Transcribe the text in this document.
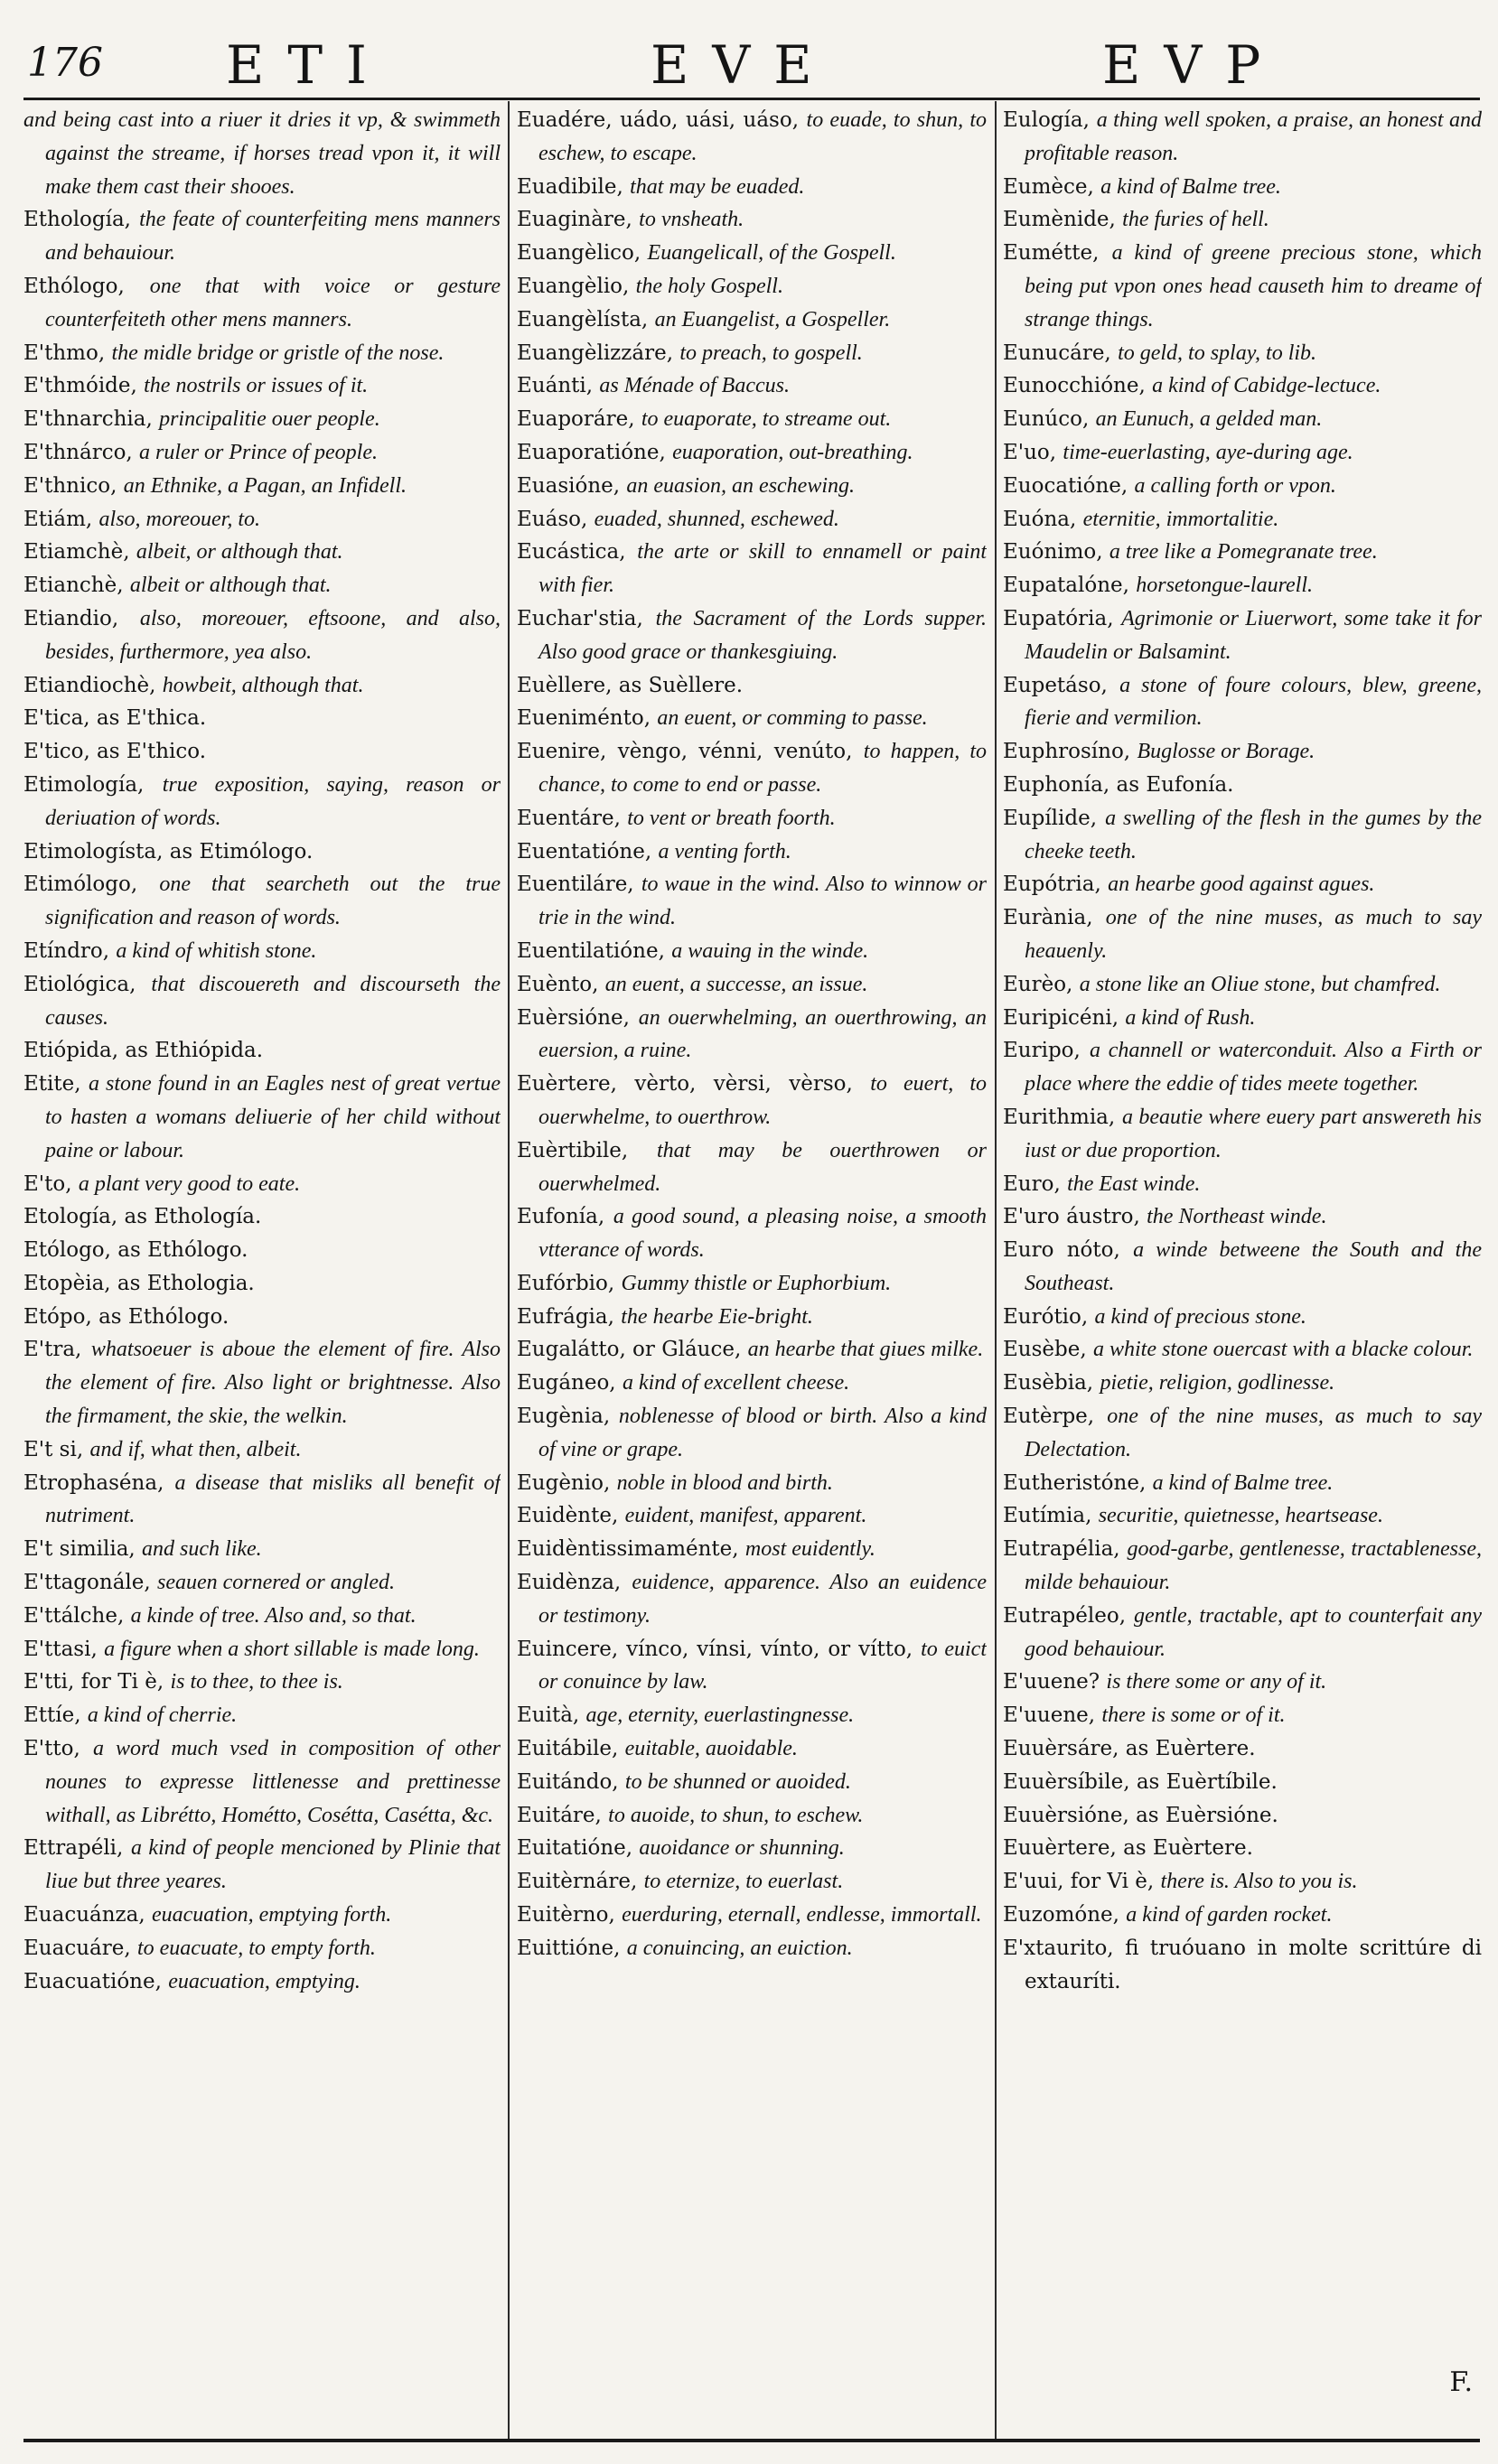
176 ETI	EVE	EVP
and being cast into a riuer it dries it vp, & swimmeth against the streame, if horses tread vpon it, it will make them cast their shooes.
Ethología, the feate of counterfeiting mens manners and behauiour.
Ethólogo, one that with voice or gesture counterfeiteth other mens manners.
E'thmo, the midle bridge or gristle of the nose.
E'thmóide, the nostrils or issues of it.
E'thnarchia, principalitie ouer people.
E'thnárco, a ruler or Prince of people.
E'thnico, an Ethnike, a Pagan, an Infidell.
Etiám, also, moreouer, to.
Etiamchè, albeit, or although that.
Etianchè, albeit or although that.
Etiandio, also, moreouer, eftsoone, and also, besides, furthermore, yea also.
Etiandiochè, howbeit, although that.
E'tica, as E'thica.
E'tico, as E'thico.
Etimología, true exposition, saying, reason or deriuation of words.
Etimologísta, as Etimólogo.
Etimólogo, one that searcheth out the true signification and reason of words.
Etíndro, a kind of whitish stone.
Etiológica, that discouereth and discourseth the causes.
Etiópida, as Ethiópida.
Etite, a stone found in an Eagles nest of great vertue to hasten a womans deliuerie of her child without paine or labour.
E'to, a plant very good to eate.
Etología, as Ethología.
Etólogo, as Ethólogo.
Etopèia, as Ethologia.
Etópo, as Ethólogo.
E'tra, whatsoeuer is aboue the element of fire. Also the element of fire. Also light or brightnesse. Also the firmament, the skie, the welkin.
E't si, and if, what then, albeit.
Etrophaséna, a disease that misliks all benefit of nutriment.
E't similia, and such like.
E'ttagonále, seauen cornered or angled.
E'ttálche, a kinde of tree. Also and, so that.
E'ttasi, a figure when a short sillable is made long.
E'tti, for Ti è, is to thee, to thee is.
Ettíe, a kind of cherrie.
E'tto, a word much vsed in composition of other nounes to expresse littlenesse and prettinesse withall, as Librétto, Hométto, Cosétta, Casétta, &c.
Ettrapéli, a kind of people mencioned by Plinie that liue but three yeares.
Euacuánza, euacuation, emptying forth.
Euacuáre, to euacuate, to empty forth.
Euacuatióne, euacuation, emptying.
Euadére, uádo, uási, uáso, to euade, to shun, to eschew, to escape.
Euadibile, that may be euaded.
Euaginàre, to vnsheath.
Euangèlico, Euangelicall, of the Gospell.
Euangèlio, the holy Gospell.
Euangèlísta, an Euangelist, a Gospeller.
Euangèlizzáre, to preach, to gospell.
Euánti, as Ménade of Baccus.
Euaporáre, to euaporate, to streame out.
Euaporatióne, euaporation, out-breathing.
Euasióne, an euasion, an eschewing.
Euáso, euaded, shunned, eschewed.
Eucástica, the arte or skill to ennamell or paint with fier.
Euchar'stia, the Sacrament of the Lords supper. Also good grace or thankesgiuing.
Euèllere, as Suèllere.
Eueniménto, an euent, or comming to passe.
Euenire, vèngo, vénni, venúto, to happen, to chance, to come to end or passe.
Euentáre, to vent or breath foorth.
Euentatióne, a venting forth.
Euentiláre, to waue in the wind. Also to winnow or trie in the wind.
Euentilatióne, a wauing in the winde.
Euènto, an euent, a successe, an issue.
Euèrsióne, an ouerwhelming, an ouerthrowing, an euersion, a ruine.
Euèrtere, vèrto, vèrsi, vèrso, to euert, to ouerwhelme, to ouerthrow.
Euèrtibile, that may be ouerthrowen or ouerwhelmed.
Eufonía, a good sound, a pleasing noise, a smooth vtterance of words.
Eufórbio, Gummy thistle or Euphorbium.
Eufrágia, the hearbe Eie-bright.
Eugalátto, or Gláuce, an hearbe that giues milke.
Eugáneo, a kind of excellent cheese.
Eugènia, noblenesse of blood or birth. Also a kind of vine or grape.
Eugènio, noble in blood and birth.
Euidènte, euident, manifest, apparent.
Euidèntissimaménte, most euidently.
Euidènza, euidence, apparence. Also an euidence or testimony.
Euincere, vínco, vínsi, vínto, or vítto, to euict or conuince by law.
Euità, age, eternity, euerlastingnesse.
Euitábile, euitable, auoidable.
Euitándo, to be shunned or auoided.
Euitáre, to auoide, to shun, to eschew.
Euitatióne, auoidance or shunning.
Euitèrnáre, to eternize, to euerlast.
Euitèrno, euerduring, eternall, endlesse, immortall.
Euittióne, a conuincing, an euiction.
Eulogía, a thing well spoken, a praise, an honest and profitable reason.
Eumèce, a kind of Balme tree.
Eumènide, the furies of hell.
Euméttе, a kind of greene precious stone, which being put vpon ones head causeth him to dreame of strange things.
Eunucáre, to geld, to splay, to lib.
Eunocchióne, a kind of Cabidge-lectuce.
Eunúco, an Eunuch, a gelded man.
E'uo, time-euerlasting, aye-during age.
Euocatióne, a calling forth or vpon.
Euóna, eternitie, immortalitie.
Euónimo, a tree like a Pomegranate tree.
Eupatalóne, horsetongue-laurell.
Eupatória, Agrimonie or Liuerwort, some take it for Maudelin or Balsamint.
Eupetáso, a stone of foure colours, blew, greene, fierie and vermilion.
Euphrosíno, Buglosse or Borage.
Euphonía, as Eufonía.
Eupílide, a swelling of the flesh in the gumes by the cheeke teeth.
Eupótria, an hearbe good against agues.
Eurània, one of the nine muses, as much to say heauenly.
Eurèo, a stone like an Oliue stone, but chamfred.
Euripicéni, a kind of Rush.
Euripo, a channell or waterconduit. Also a Firth or place where the eddie of tides meete together.
Eurithmia, a beautie where euery part answereth his iust or due proportion.
Euro, the East winde.
E'uro áustro, the Northeast winde.
Euro nóto, a winde betweene the South and the Southeast.
Eurótio, a kind of precious stone.
Eusèbe, a white stone ouercast with a blacke colour.
Eusèbia, pietie, religion, godlinesse.
Eutèrpe, one of the nine muses, as much to say Delectation.
Eutheristóne, a kind of Balme tree.
Eutímia, securitie, quietnesse, heartsease.
Eutrapélia, good-garbe, gentlenesse, tractablenesse, milde behauiour.
Eutrapéleo, gentle, tractable, apt to counterfait any good behauiour.
E'uuene? is there some or any of it.
E'uuene, there is some or of it.
Euuèrsáre, as Euèrtere.
Euuèrsíbile, as Euèrtíbile.
Euuèrsióne, as Euèrsióne.
Euuèrtere, as Euèrtere.
E'uui, for Vi è, there is. Also to you is.
Euzomóne, a kind of garden rocket.
E'xtaurito, fi truóuano in molte scrittúre di extauríti.
F.
